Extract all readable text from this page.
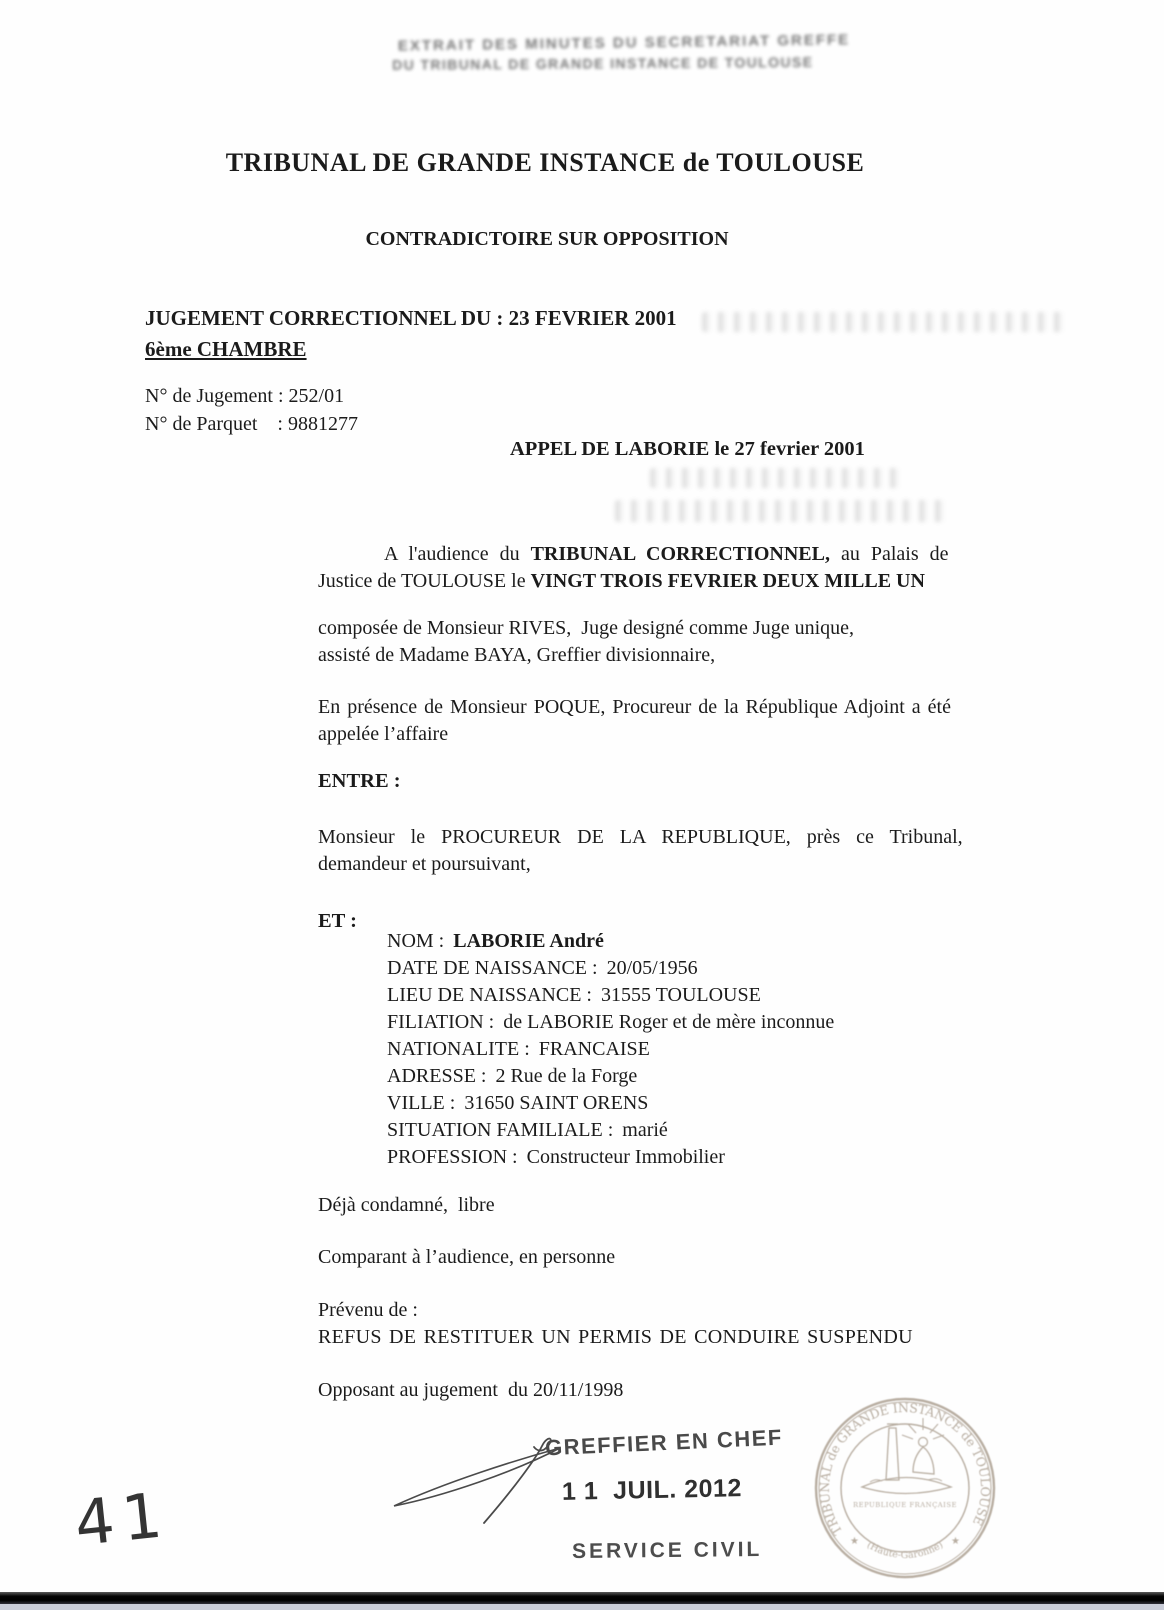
EXTRAIT DES MINUTES DU SECRETARIAT GREFFE
DU TRIBUNAL DE GRANDE INSTANCE DE TOULOUSE
TRIBUNAL DE GRANDE INSTANCE de TOULOUSE
CONTRADICTOIRE SUR OPPOSITION
JUGEMENT CORRECTIONNEL DU : 23 FEVRIER 2001
6ème CHAMBRE
N° de Jugement : 252/01
N° de Parquet    : 9881277
APPEL DE LABORIE le 27 fevrier 2001
A l'audience du TRIBUNAL CORRECTIONNEL, au Palais de
Justice de TOULOUSE le VINGT TROIS FEVRIER DEUX MILLE UN
composée de Monsieur RIVES,  Juge designé comme Juge unique,
assisté de Madame BAYA, Greffier divisionnaire,
En présence de Monsieur POQUE, Procureur de la République Adjoint a été
appelée l’affaire
ENTRE :
Monsieur le PROCUREUR DE LA REPUBLIQUE, près ce Tribunal,
demandeur et poursuivant,
ET :
NOM : LABORIE André
DATE DE NAISSANCE : 20/05/1956
LIEU DE NAISSANCE : 31555 TOULOUSE
FILIATION : de LABORIE Roger et de mère inconnue
NATIONALITE : FRANCAISE
ADRESSE : 2 Rue de la Forge
VILLE : 31650 SAINT ORENS
SITUATION FAMILIALE : marié
PROFESSION : Constructeur Immobilier
Déjà condamné,  libre
Comparant à l’audience, en personne
Prévenu de :
REFUS DE RESTITUER UN PERMIS DE CONDUIRE SUSPENDU
Opposant au jugement  du 20/11/1998
GREFFIER EN CHEF
1 1  JUIL. 2012
SERVICE CIVIL
TRIBUNAL de GRANDE INSTANCE de TOULOUSE
(Haute-Garonne)
★	★
REPUBLIQUE FRANÇAISE
41
